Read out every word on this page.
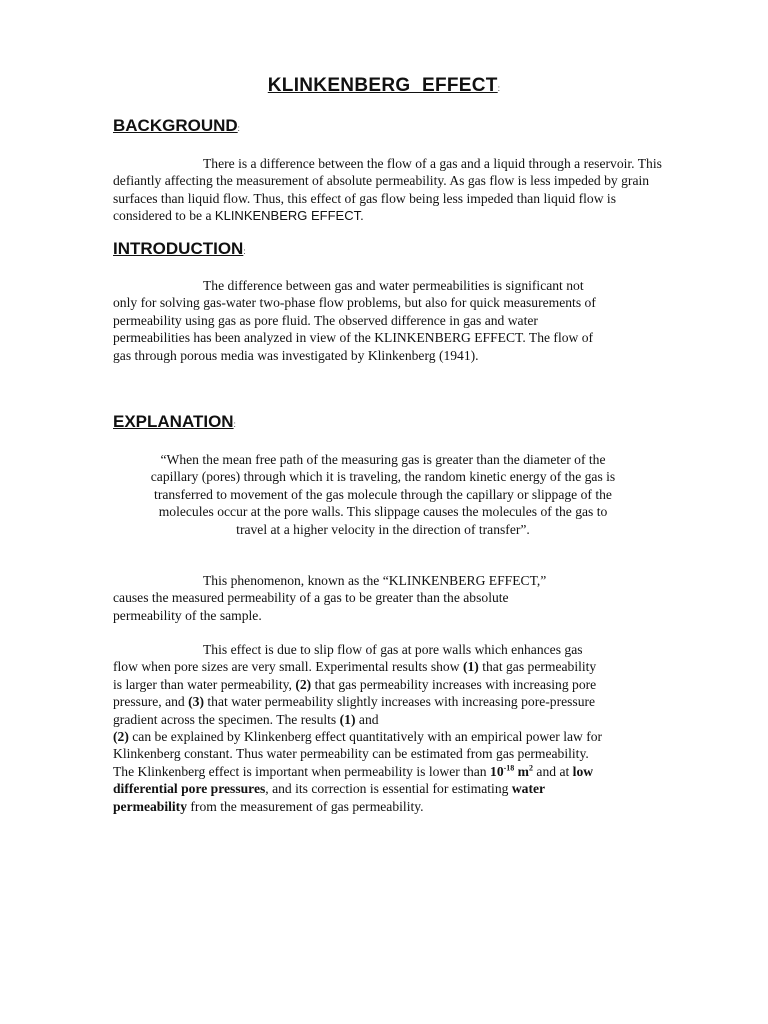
KLINKENBERG EFFECT:
BACKGROUND:
There is a difference between the flow of a gas and a liquid through a reservoir. This defiantly affecting the measurement of absolute permeability. As gas flow is less impeded by grain surfaces than liquid flow. Thus, this effect of gas flow being less impeded than liquid flow is considered to be a KLINKENBERG EFFECT.
INTRODUCTION:
The difference between gas and water permeabilities is significant not only for solving gas-water two-phase flow problems, but also for quick measurements of permeability using gas as pore fluid. The observed difference in gas and water permeabilities has been analyzed in view of the KLINKENBERG EFFECT. The flow of gas through porous media was investigated by Klinkenberg (1941).
EXPLANATION:
“When the mean free path of the measuring gas is greater than the diameter of the capillary (pores) through which it is traveling, the random kinetic energy of the gas is transferred to movement of the gas molecule through the capillary or slippage of the molecules occur at the pore walls. This slippage causes the molecules of the gas to travel at a higher velocity in the direction of transfer”.
This phenomenon, known as the “KLINKENBERG EFFECT,” causes the measured permeability of a gas to be greater than the absolute permeability of the sample.
This effect is due to slip flow of gas at pore walls which enhances gas flow when pore sizes are very small. Experimental results show (1) that gas permeability is larger than water permeability, (2) that gas permeability increases with increasing pore pressure, and (3) that water permeability slightly increases with increasing pore-pressure gradient across the specimen. The results (1) and
(2) can be explained by Klinkenberg effect quantitatively with an empirical power law for Klinkenberg constant. Thus water permeability can be estimated from gas permeability. The Klinkenberg effect is important when permeability is lower than $10^{-18}$ $m^2$ and at low differential pore pressures, and its correction is essential for estimating water permeability from the measurement of gas permeability.
